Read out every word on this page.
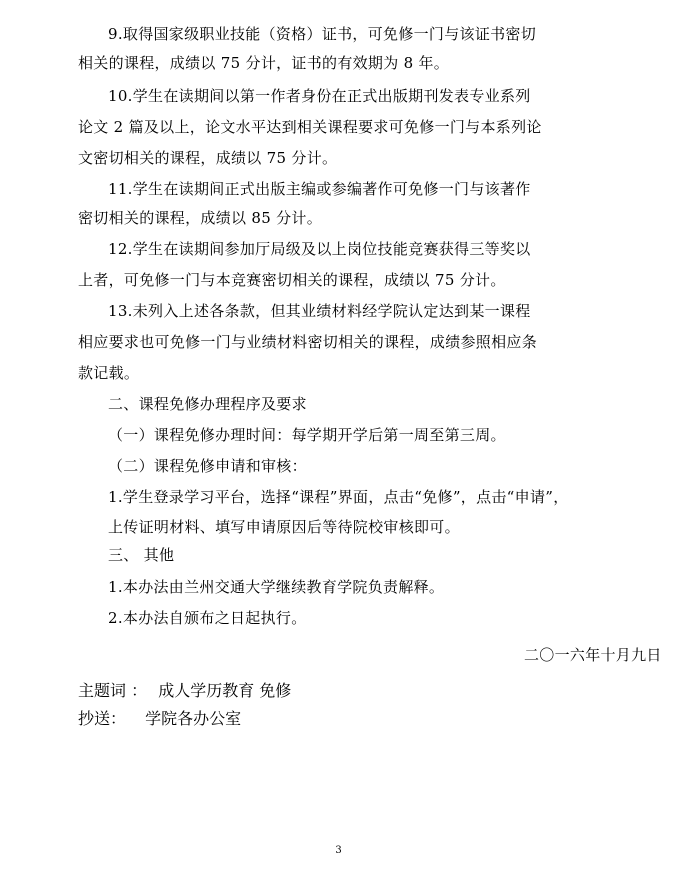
9.取得国家级职业技能（资格）证书，可免修一门与该证书密切
相关的课程，成绩以 75 分计，证书的有效期为 8 年。
10.学生在读期间以第一作者身份在正式出版期刊发表专业系列
论文 2 篇及以上，论文水平达到相关课程要求可免修一门与本系列论
文密切相关的课程，成绩以 75 分计。
11.学生在读期间正式出版主编或参编著作可免修一门与该著作
密切相关的课程，成绩以 85 分计。
12.学生在读期间参加厅局级及以上岗位技能竞赛获得三等奖以
上者，可免修一门与本竞赛密切相关的课程，成绩以 75 分计。
13.未列入上述各条款，但其业绩材料经学院认定达到某一课程
相应要求也可免修一门与业绩材料密切相关的课程，成绩参照相应条
款记载。
二、课程免修办理程序及要求
（一）课程免修办理时间：每学期开学后第一周至第三周。
（二）课程免修申请和审核：
1.学生登录学习平台，选择“课程”界面，点击“免修”，点击“申请”，
上传证明材料、填写申请原因后等待院校审核即可。
三、 其他
1.本办法由兰州交通大学继续教育学院负责解释。
2.本办法自颁布之日起执行。
二〇一六年十月九日
主题词 ： 成人学历教育 免修
抄送： 学院各办公室
3
